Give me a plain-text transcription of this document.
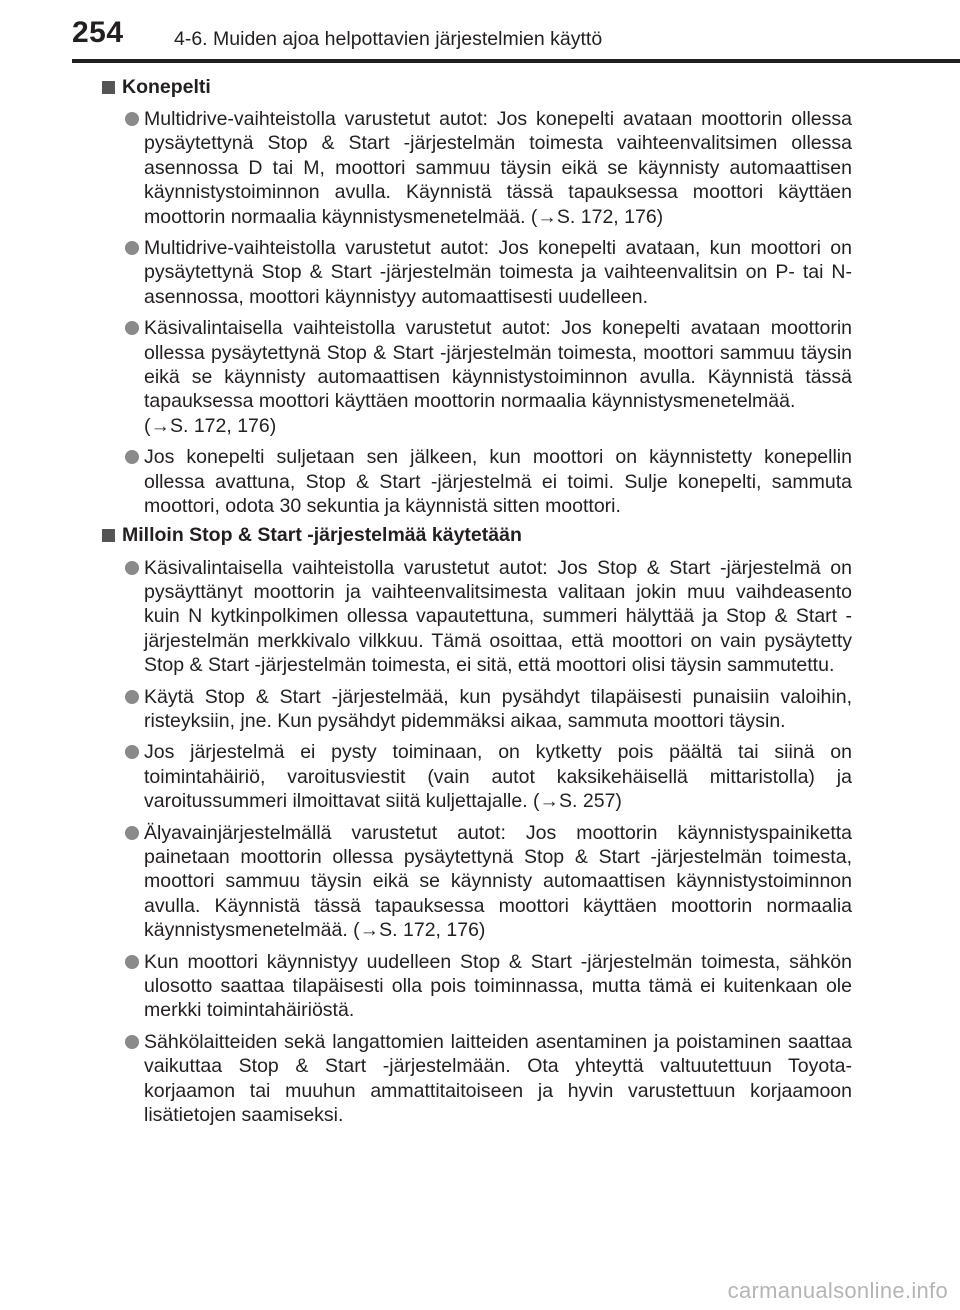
254	4-6. Muiden ajoa helpottavien järjestelmien käyttö
Konepelti
Multidrive-vaihteistolla varustetut autot: Jos konepelti avataan moottorin ollessa pysäytettynä Stop & Start -järjestelmän toimesta vaihteenvalitsimen ollessa asennossa D tai M, moottori sammuu täysin eikä se käynnisty automaattisen käynnistystoiminnon avulla. Käynnistä tässä tapauksessa moottori käyttäen moottorin normaalia käynnistysmenetelmää. (→S. 172, 176)
Multidrive-vaihteistolla varustetut autot: Jos konepelti avataan, kun moottori on pysäytettynä Stop & Start -järjestelmän toimesta ja vaihteenvalitsin on P- tai N-asennossa, moottori käynnistyy automaattisesti uudelleen.
Käsivalintaisella vaihteistolla varustetut autot: Jos konepelti avataan moottorin ollessa pysäytettynä Stop & Start -järjestelmän toimesta, moottori sammuu täysin eikä se käynnisty automaattisen käynnistystoiminnon avulla. Käynnistä tässä tapauksessa moottori käyttäen moottorin normaalia käynnistysmenetelmää.
(→S. 172, 176)
Jos konepelti suljetaan sen jälkeen, kun moottori on käynnistetty konepellin ollessa avattuna, Stop & Start -järjestelmä ei toimi. Sulje konepelti, sammuta moottori, odota 30 sekuntia ja käynnistä sitten moottori.
Milloin Stop & Start -järjestelmää käytetään
Käsivalintaisella vaihteistolla varustetut autot: Jos Stop & Start -järjestelmä on pysäyttänyt moottorin ja vaihteenvalitsimesta valitaan jokin muu vaihdeasento kuin N kytkinpolkimen ollessa vapautettuna, summeri hälyttää ja Stop & Start -järjestelmän merkkivalo vilkkuu. Tämä osoittaa, että moottori on vain pysäytetty Stop & Start -järjestelmän toimesta, ei sitä, että moottori olisi täysin sammutettu.
Käytä Stop & Start -järjestelmää, kun pysähdyt tilapäisesti punaisiin valoihin, risteyksiin, jne. Kun pysähdyt pidemmäksi aikaa, sammuta moottori täysin.
Jos järjestelmä ei pysty toiminaan, on kytketty pois päältä tai siinä on toimintahäiriö, varoitusviestit (vain autot kaksikehäisellä mittaristolla) ja varoitussummeri ilmoittavat siitä kuljettajalle. (→S. 257)
Älyavainjärjestelmällä varustetut autot: Jos moottorin käynnistyspainiketta painetaan moottorin ollessa pysäytettynä Stop & Start -järjestelmän toimesta, moottori sammuu täysin eikä se käynnisty automaattisen käynnistystoiminnon avulla. Käynnistä tässä tapauksessa moottori käyttäen moottorin normaalia käynnistysmenetelmää. (→S. 172, 176)
Kun moottori käynnistyy uudelleen Stop & Start -järjestelmän toimesta, sähkön ulosotto saattaa tilapäisesti olla pois toiminnassa, mutta tämä ei kuitenkaan ole merkki toimintahäiriöstä.
Sähkölaitteiden sekä langattomien laitteiden asentaminen ja poistaminen saattaa vaikuttaa Stop & Start -järjestelmään. Ota yhteyttä valtuutettuun Toyota-korjaamon tai muuhun ammattitaitoiseen ja hyvin varustettuun korjaamoon lisätietojen saamiseksi.
carmanualsonline.info
